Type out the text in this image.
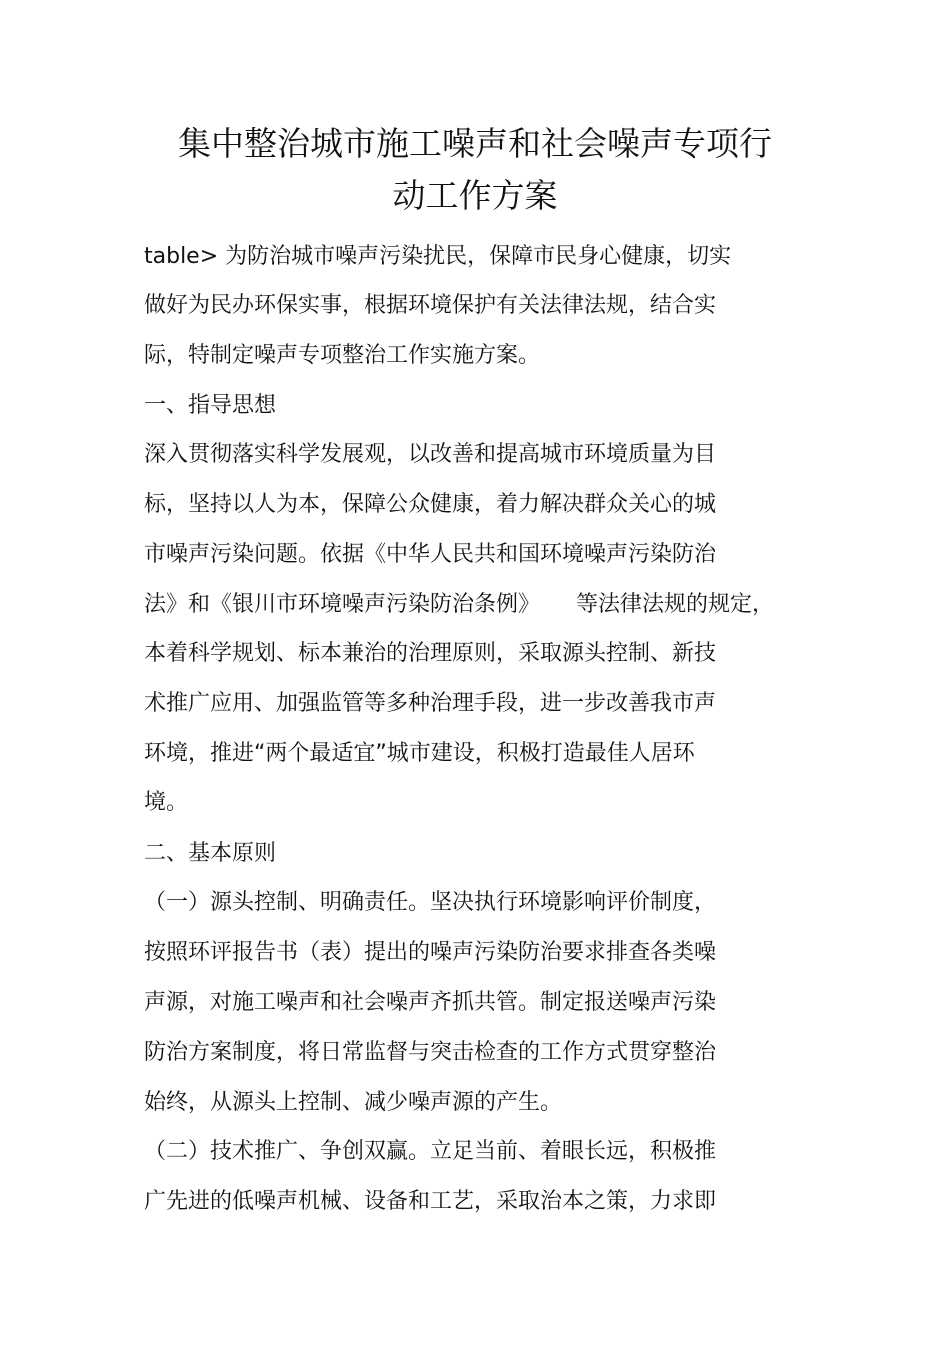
集中整治城市施工噪声和社会噪声专项行
动工作方案

table> 为防治城市噪声污染扰民，保障市民身心健康，切实

做好为民办环保实事，根据环境保护有关法律法规，结合实

际，特制定噪声专项整治工作实施方案。

一、指导思想

深入贯彻落实科学发展观，以改善和提高城市环境质量为目

标，坚持以人为本，保障公众健康，着力解决群众关心的城

市噪声污染问题。依据《中华人民共和国环境噪声污染防治

法》和《银川市环境噪声污染防治条例》 等法律法规的规定，

本着科学规划、标本兼治的治理原则，采取源头控制、新技

术推广应用、加强监管等多种治理手段，进一步改善我市声

环境，推进“两个最适宜”城市建设，积极打造最佳人居环

境。

二、基本原则

（一）源头控制、明确责任。坚决执行环境影响评价制度，

按照环评报告书（表）提出的噪声污染防治要求排查各类噪

声源，对施工噪声和社会噪声齐抓共管。制定报送噪声污染

防治方案制度，将日常监督与突击检查的工作方式贯穿整治

始终，从源头上控制、减少噪声源的产生。

（二）技术推广、争创双赢。立足当前、着眼长远，积极推

广先进的低噪声机械、设备和工艺，采取治本之策，力求即
